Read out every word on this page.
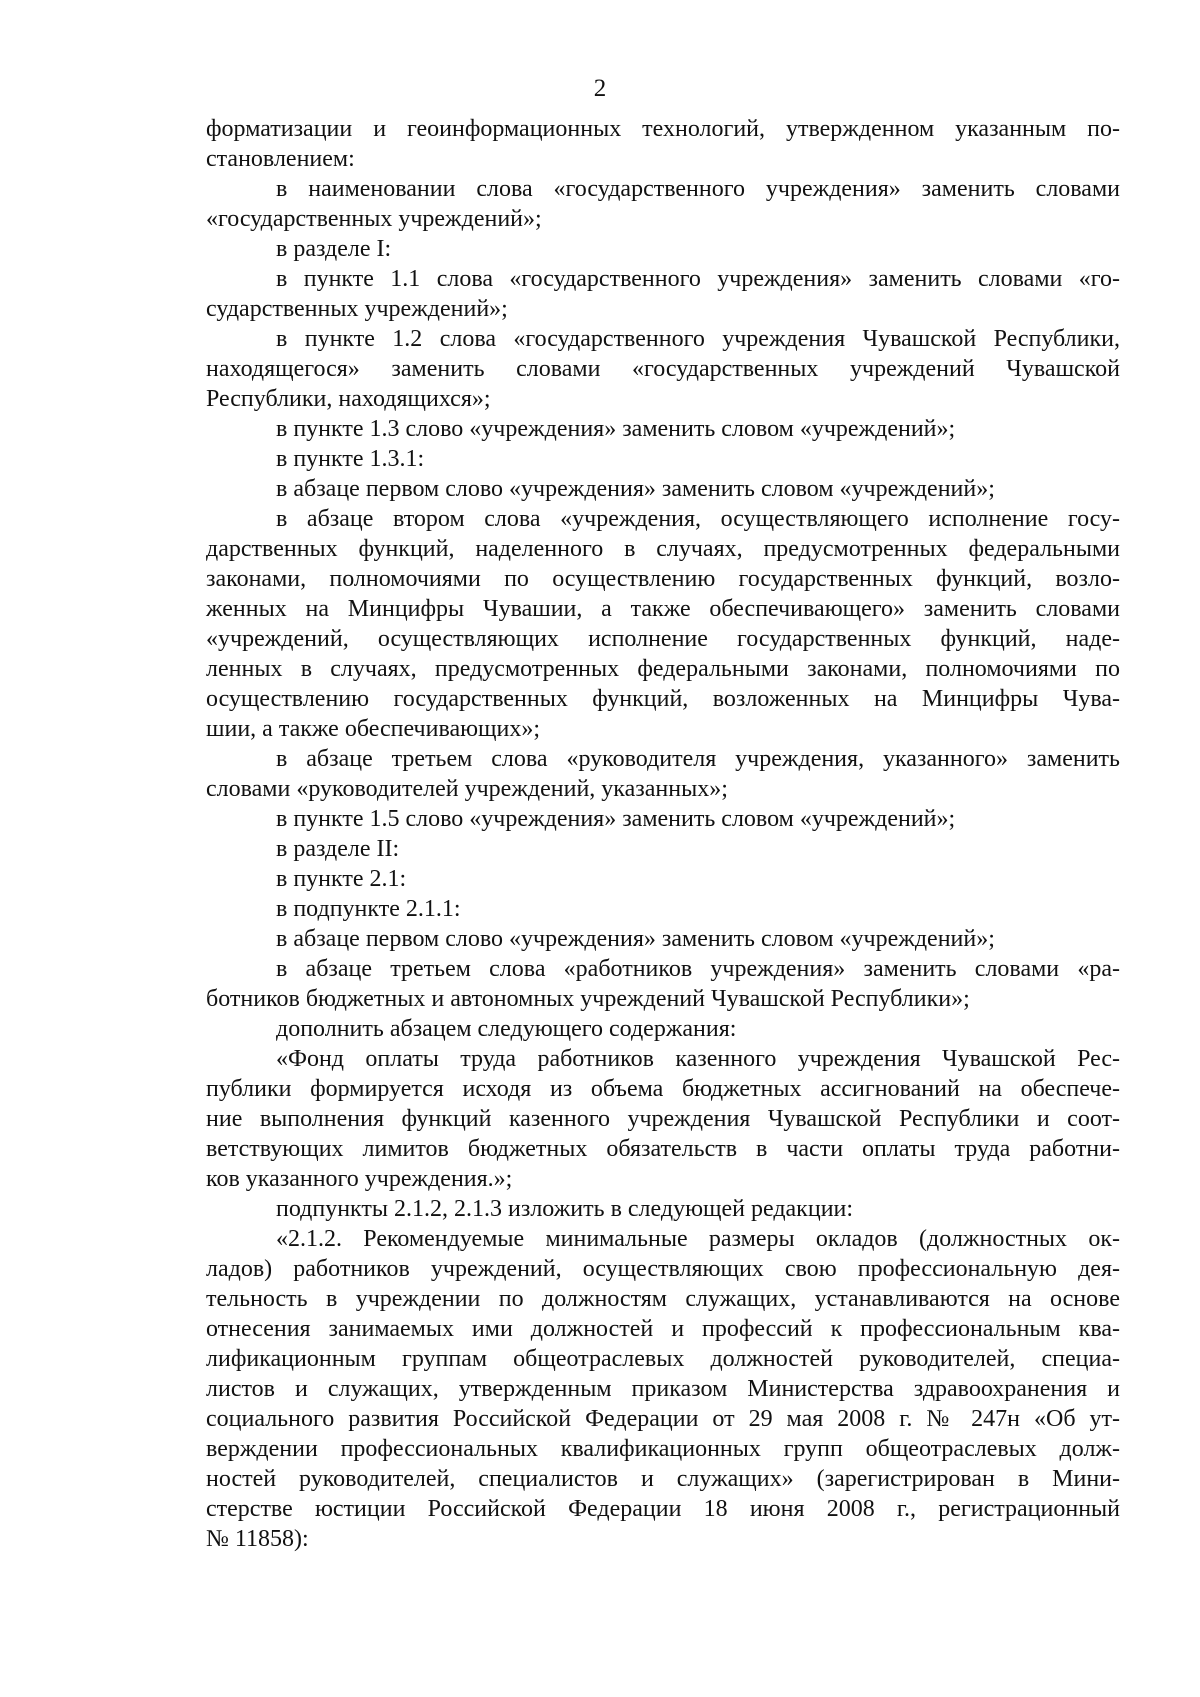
2
форматизации и геоинформационных технологий, утвержденном указанным по-
становлением:
в наименовании слова «государственного учреждения» заменить словами
«государственных учреждений»;
в разделе I:
в пункте 1.1 слова «государственного учреждения» заменить словами «го-
сударственных учреждений»;
в пункте 1.2 слова «государственного учреждения Чувашской Республики,
находящегося» заменить словами «государственных учреждений Чувашской
Республики, находящихся»;
в пункте 1.3 слово «учреждения» заменить словом «учреждений»;
в пункте 1.3.1:
в абзаце первом слово «учреждения» заменить словом «учреждений»;
в абзаце втором слова «учреждения, осуществляющего исполнение госу-
дарственных функций, наделенного в случаях, предусмотренных федеральными
законами, полномочиями по осуществлению государственных функций, возло-
женных на Минцифры Чувашии, а также обеспечивающего» заменить словами
«учреждений, осуществляющих исполнение государственных функций, наде-
ленных в случаях, предусмотренных федеральными законами, полномочиями по
осуществлению государственных функций, возложенных на Минцифры Чува-
шии, а также обеспечивающих»;
в абзаце третьем слова «руководителя учреждения, указанного» заменить
словами «руководителей учреждений, указанных»;
в пункте 1.5 слово «учреждения» заменить словом «учреждений»;
в разделе II:
в пункте 2.1:
в подпункте 2.1.1:
в абзаце первом слово «учреждения» заменить словом «учреждений»;
в абзаце третьем слова «работников учреждения» заменить словами «ра-
ботников бюджетных и автономных учреждений Чувашской Республики»;
дополнить абзацем следующего содержания:
«Фонд оплаты труда работников казенного учреждения Чувашской Рес-
публики формируется исходя из объема бюджетных ассигнований на обеспече-
ние выполнения функций казенного учреждения Чувашской Республики и соот-
ветствующих лимитов бюджетных обязательств в части оплаты труда работни-
ков указанного учреждения.»;
подпункты 2.1.2, 2.1.3 изложить в следующей редакции:
«2.1.2. Рекомендуемые минимальные размеры окладов (должностных ок-
ладов) работников учреждений, осуществляющих свою профессиональную дея-
тельность в учреждении по должностям служащих, устанавливаются на основе
отнесения занимаемых ими должностей и профессий к профессиональным ква-
лификационным группам общеотраслевых должностей руководителей, специа-
листов и служащих, утвержденным приказом Министерства здравоохранения и
социального развития Российской Федерации от 29 мая 2008 г. № 247н «Об ут-
верждении профессиональных квалификационных групп общеотраслевых долж-
ностей руководителей, специалистов и служащих» (зарегистрирован в Мини-
стерстве юстиции Российской Федерации 18 июня 2008 г., регистрационный
№ 11858):
